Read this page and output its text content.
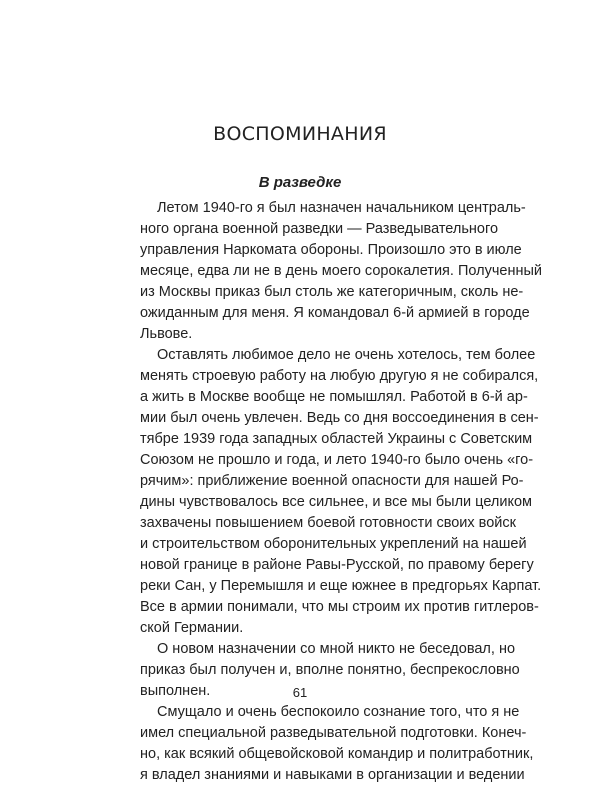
ВОСПОМИНАНИЯ
В разведке
Летом 1940-го я был назначен начальником централь-
ного органа военной разведки — Разведывательного
управления Наркомата обороны. Произошло это в июле
месяце, едва ли не в день моего сорокалетия. Полученный
из Москвы приказ был столь же категоричным, сколь не-
ожиданным для меня. Я командовал 6-й армией в городе
Львове.
Оставлять любимое дело не очень хотелось, тем более
менять строевую работу на любую другую я не собирался,
а жить в Москве вообще не помышлял. Работой в 6-й ар-
мии был очень увлечен. Ведь со дня воссоединения в сен-
тябре 1939 года западных областей Украины с Советским
Союзом не прошло и года, и лето 1940-го было очень «го-
рячим»: приближение военной опасности для нашей Ро-
дины чувствовалось все сильнее, и все мы были целиком
захвачены повышением боевой готовности своих войск
и строительством оборонительных укреплений на нашей
новой границе в районе Равы-Русской, по правому берегу
реки Сан, у Перемышля и еще южнее в предгорьях Карпат.
Все в армии понимали, что мы строим их против гитлеров-
ской Германии.
О новом назначении со мной никто не беседовал, но
приказ был получен и, вполне понятно, беспрекословно
выполнен.
Смущало и очень беспокоило сознание того, что я не
имел специальной разведывательной подготовки. Конеч-
но, как всякий общевойсковой командир и политработник,
я владел знаниями и навыками в организации и ведении
61
